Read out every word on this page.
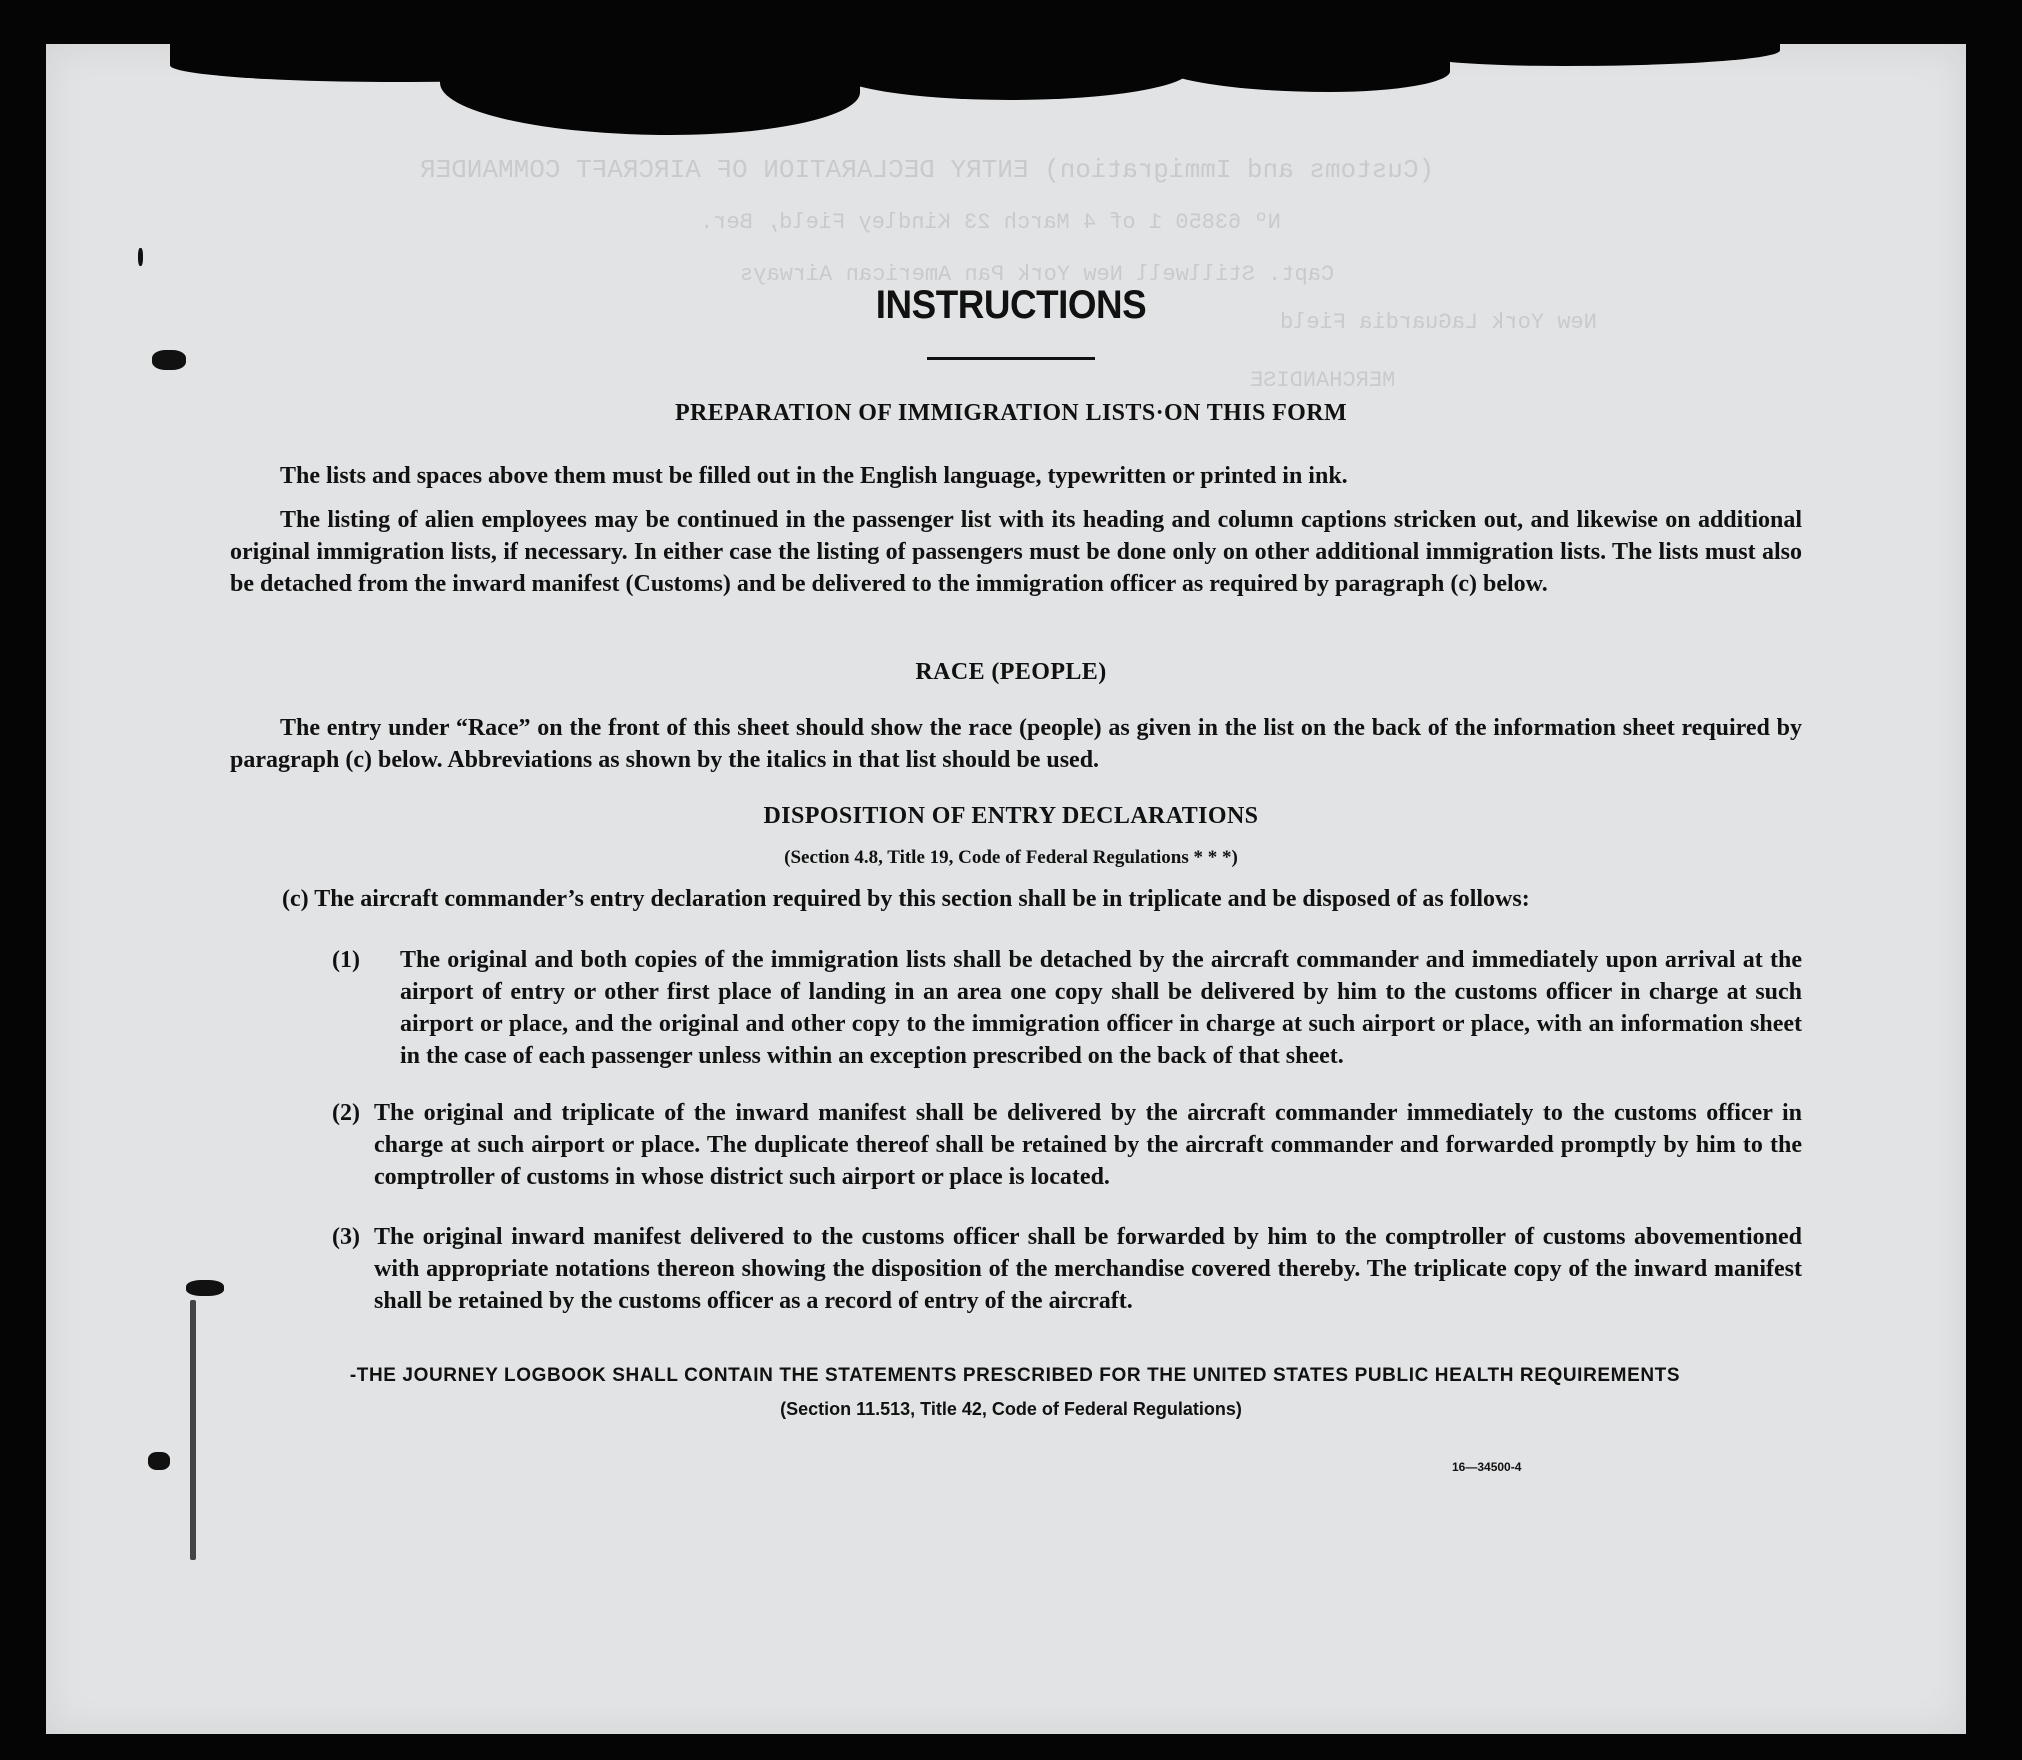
(Customs and Immigration) ENTRY DECLARATION OF AIRCRAFT COMMANDER
Nº 63850 1 of 4 March 23 Kindley Field, Ber.
Capt. Stillwell New York Pan American Airways
New York LaGuardia Field
MERCHANDISE
INSTRUCTIONS
PREPARATION OF IMMIGRATION LISTS·ON THIS FORM
The lists and spaces above them must be filled out in the English language, typewritten or printed in ink.
The listing of alien employees may be continued in the passenger list with its heading and column captions stricken out, and likewise on additional original immigration lists, if necessary. In either case the listing of passengers must be done only on other additional immigration lists. The lists must also be detached from the inward manifest (Customs) and be delivered to the immigration officer as required by paragraph (c) below.
RACE (PEOPLE)
The entry under “Race” on the front of this sheet should show the race (people) as given in the list on the back of the information sheet required by paragraph (c) below. Abbreviations as shown by the italics in that list should be used.
DISPOSITION OF ENTRY DECLARATIONS
(Section 4.8, Title 19, Code of Federal Regulations * * *)
(c) The aircraft commander’s entry declaration required by this section shall be in triplicate and be disposed of as follows:
(1) The original and both copies of the immigration lists shall be detached by the aircraft commander and immediately upon arrival at the airport of entry or other first place of landing in an area one copy shall be delivered by him to the customs officer in charge at such airport or place, and the original and other copy to the immigration officer in charge at such airport or place, with an information sheet in the case of each passenger unless within an exception prescribed on the back of that sheet.
(2) The original and triplicate of the inward manifest shall be delivered by the aircraft commander immediately to the customs officer in charge at such airport or place. The duplicate thereof shall be retained by the aircraft commander and forwarded promptly by him to the comptroller of customs in whose district such airport or place is located.
(3) The original inward manifest delivered to the customs officer shall be forwarded by him to the comptroller of customs abovementioned with appropriate notations thereon showing the disposition of the merchandise covered thereby. The triplicate copy of the inward manifest shall be retained by the customs officer as a record of entry of the aircraft.
-THE JOURNEY LOGBOOK SHALL CONTAIN THE STATEMENTS PRESCRIBED FOR THE UNITED STATES PUBLIC HEALTH REQUIREMENTS
(Section 11.513, Title 42, Code of Federal Regulations)
16—34500-4
